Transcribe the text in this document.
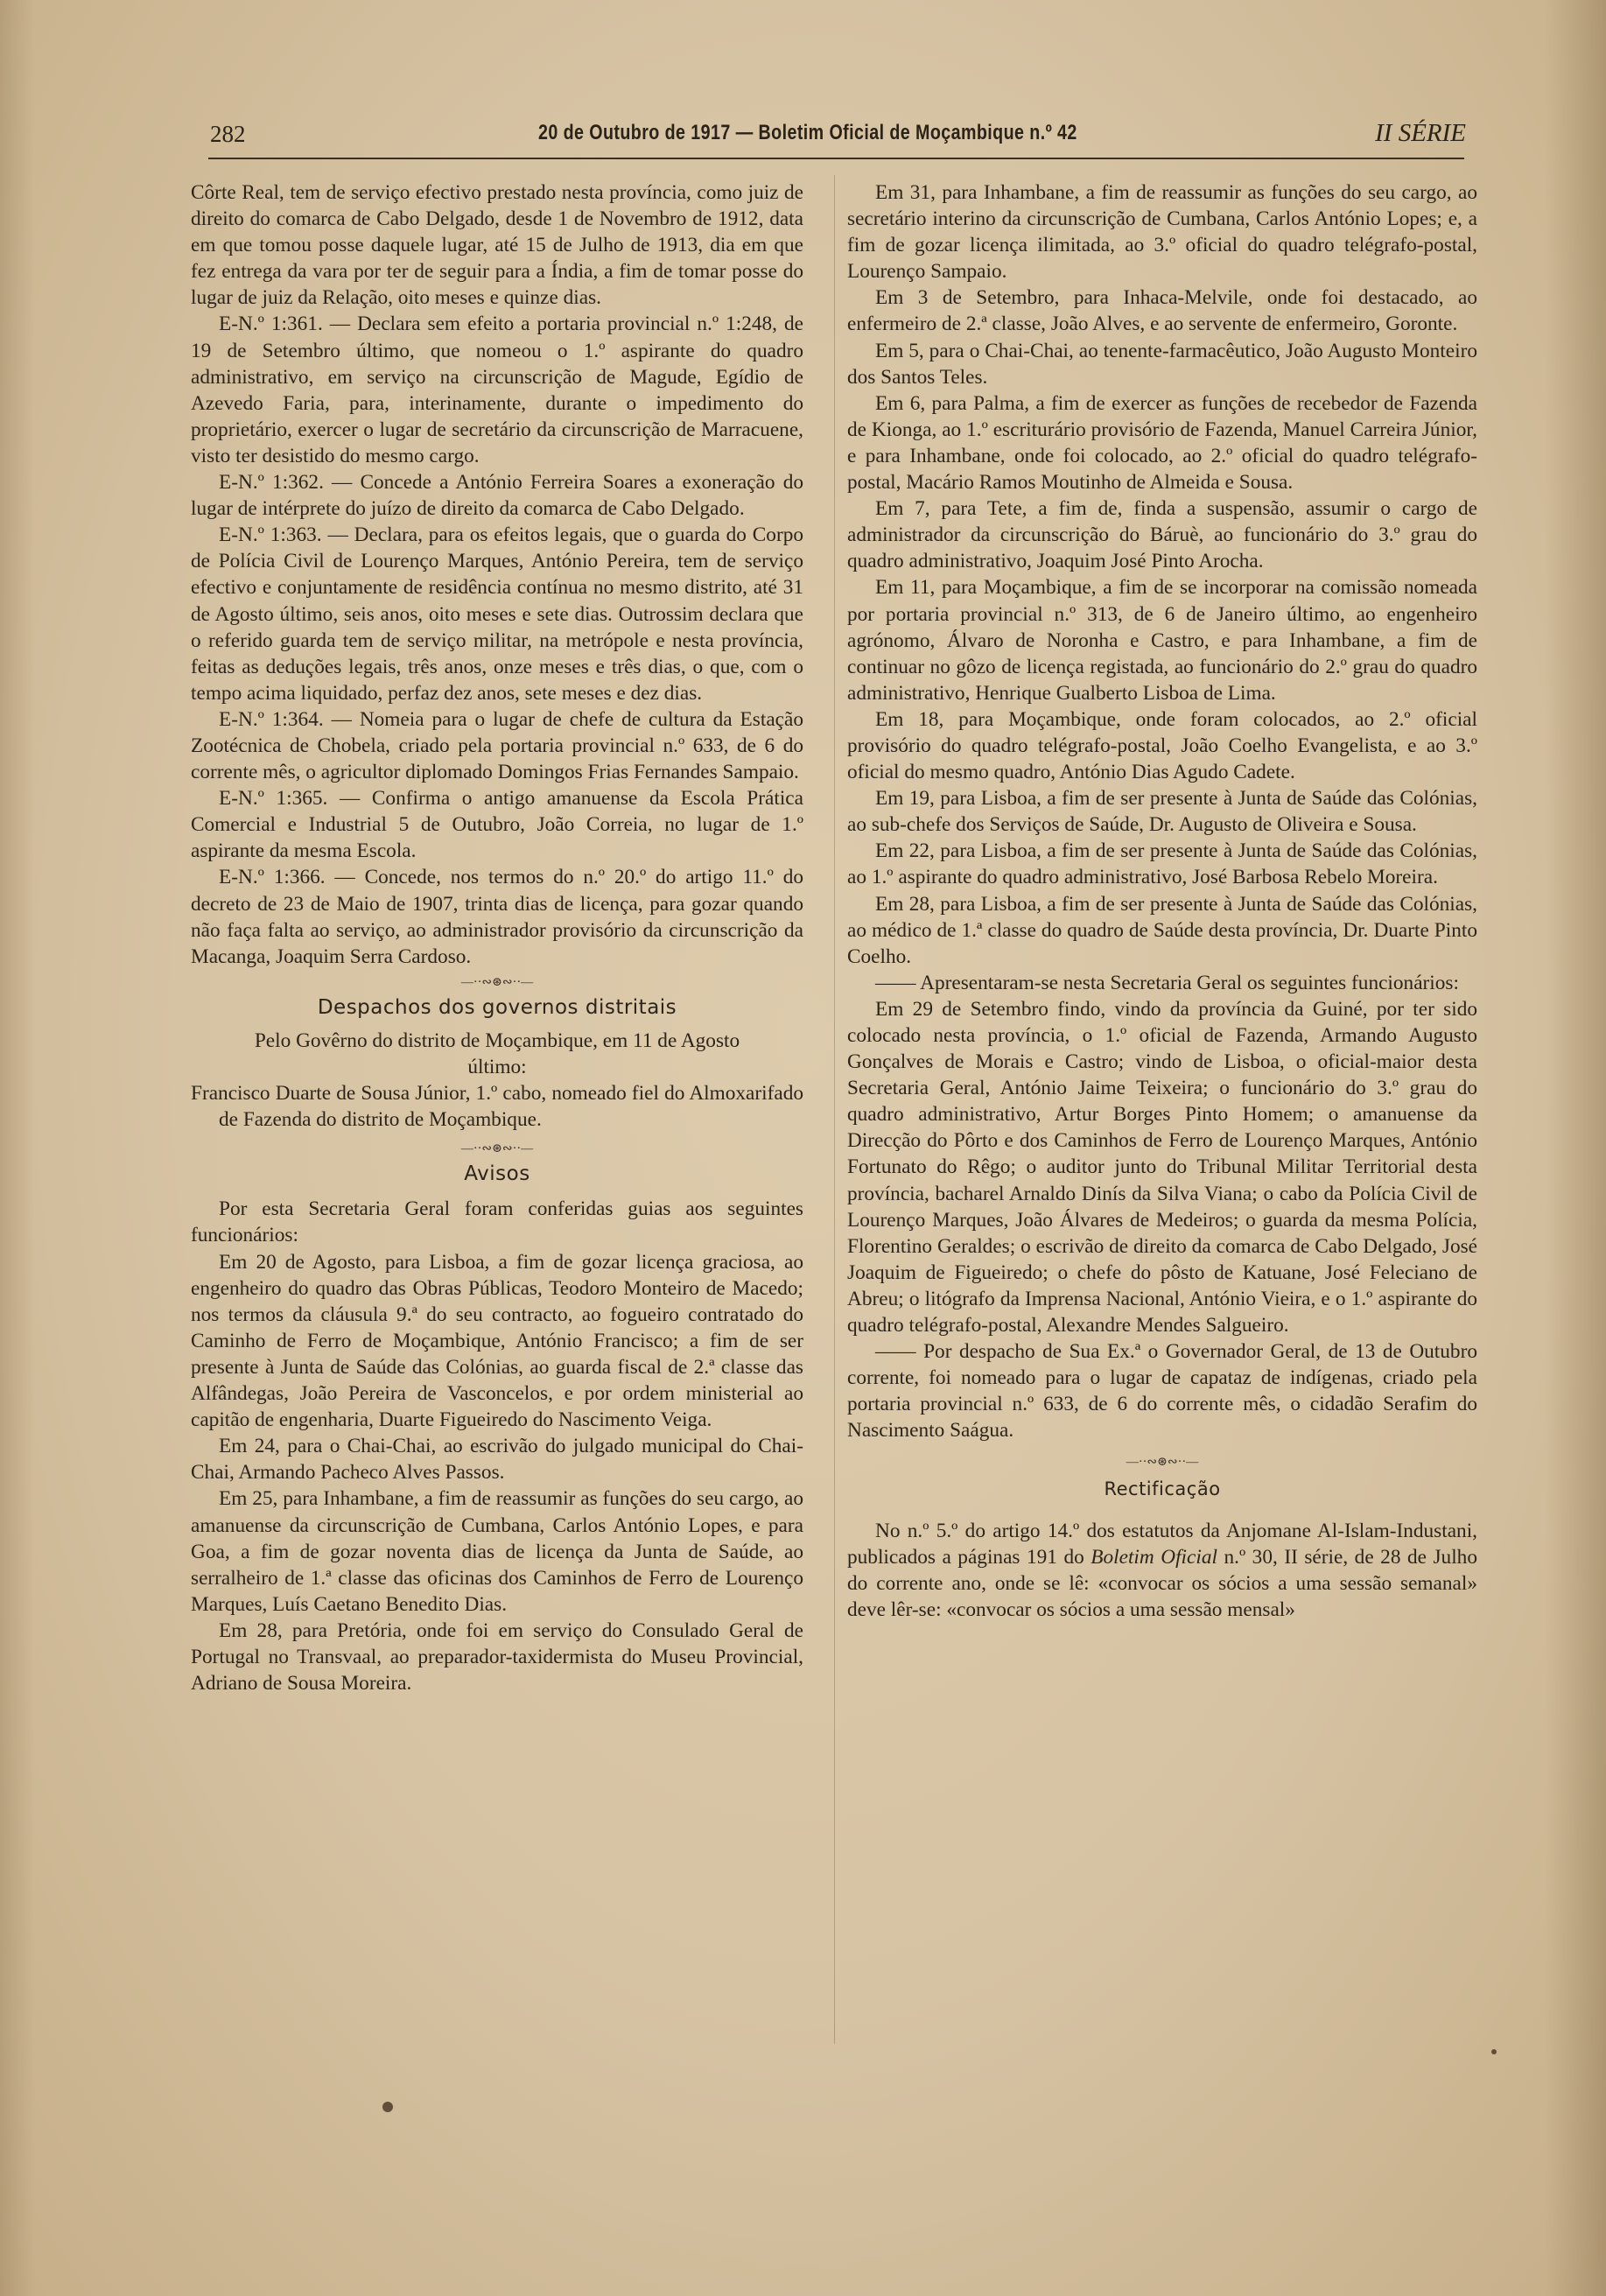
282	20 de Outubro de 1917 — Boletim Oficial de Moçambique n.º 42	II SÉRIE

Côrte Real, tem de serviço efectivo prestado nesta província, como juiz de direito do comarca de Cabo Delgado, desde 1 de Novembro de 1912, data em que tomou posse daquele lugar, até 15 de Julho de 1913, dia em que fez entrega da vara por ter de seguir para a Índia, a fim de tomar posse do lugar de juiz da Relação, oito meses e quinze dias.

E-N.º 1:361. — Declara sem efeito a portaria provincial n.º 1:248, de 19 de Setembro último, que nomeou o 1.º aspirante do quadro administrativo, em serviço na circunscrição de Magude, Egídio de Azevedo Faria, para, interinamente, durante o impedimento do proprietário, exercer o lugar de secretário da circunscrição de Marracuene, visto ter desistido do mesmo cargo.

E-N.º 1:362. — Concede a António Ferreira Soares a exoneração do lugar de intérprete do juízo de direito da comarca de Cabo Delgado.

E-N.º 1:363. — Declara, para os efeitos legais, que o guarda do Corpo de Polícia Civil de Lourenço Marques, António Pereira, tem de serviço efectivo e conjuntamente de residência contínua no mesmo distrito, até 31 de Agosto último, seis anos, oito meses e sete dias. Outrossim declara que o referido guarda tem de serviço militar, na metrópole e nesta província, feitas as deduções legais, três anos, onze meses e três dias, o que, com o tempo acima liquidado, perfaz dez anos, sete meses e dez dias.

E-N.º 1:364. — Nomeia para o lugar de chefe de cultura da Estação Zootécnica de Chobela, criado pela portaria provincial n.º 633, de 6 do corrente mês, o agricultor diplomado Domingos Frias Fernandes Sampaio.

E-N.º 1:365. — Confirma o antigo amanuense da Escola Prática Comercial e Industrial 5 de Outubro, João Correia, no lugar de 1.º aspirante da mesma Escola.

E-N.º 1:366. — Concede, nos termos do n.º 20.º do artigo 11.º do decreto de 23 de Maio de 1907, trinta dias de licença, para gozar quando não faça falta ao serviço, ao administrador provisório da circunscrição da Macanga, Joaquim Serra Cardoso.

—⋅⋅∾⊛∾⋅⋅—

Despachos dos governos distritais

Pelo Govêrno do distrito de Moçambique, em 11 de Agosto último:

Francisco Duarte de Sousa Júnior, 1.º cabo, nomeado fiel do Almoxarifado de Fazenda do distrito de Moçambique.

—⋅⋅∾⊛∾⋅⋅—

Avisos

Por esta Secretaria Geral foram conferidas guias aos seguintes funcionários:

Em 20 de Agosto, para Lisboa, a fim de gozar licença graciosa, ao engenheiro do quadro das Obras Públicas, Teodoro Monteiro de Macedo; nos termos da cláusula 9.ª do seu contracto, ao fogueiro contratado do Caminho de Ferro de Moçambique, António Francisco; a fim de ser presente à Junta de Saúde das Colónias, ao guarda fiscal de 2.ª classe das Alfândegas, João Pereira de Vasconcelos, e por ordem ministerial ao capitão de engenharia, Duarte Figueiredo do Nascimento Veiga.

Em 24, para o Chai-Chai, ao escrivão do julgado municipal do Chai-Chai, Armando Pacheco Alves Passos.

Em 25, para Inhambane, a fim de reassumir as funções do seu cargo, ao amanuense da circunscrição de Cumbana, Carlos António Lopes, e para Goa, a fim de gozar noventa dias de licença da Junta de Saúde, ao serralheiro de 1.ª classe das oficinas dos Caminhos de Ferro de Lourenço Marques, Luís Caetano Benedito Dias.

Em 28, para Pretória, onde foi em serviço do Consulado Geral de Portugal no Transvaal, ao preparador-taxidermista do Museu Provincial, Adriano de Sousa Moreira.

Em 31, para Inhambane, a fim de reassumir as funções do seu cargo, ao secretário interino da circunscrição de Cumbana, Carlos António Lopes; e, a fim de gozar licença ilimitada, ao 3.º oficial do quadro telégrafo-postal, Lourenço Sampaio.

Em 3 de Setembro, para Inhaca-Melvile, onde foi destacado, ao enfermeiro de 2.ª classe, João Alves, e ao servente de enfermeiro, Goronte.

Em 5, para o Chai-Chai, ao tenente-farmacêutico, João Augusto Monteiro dos Santos Teles.

Em 6, para Palma, a fim de exercer as funções de recebedor de Fazenda de Kionga, ao 1.º escriturário provisório de Fazenda, Manuel Carreira Júnior, e para Inhambane, onde foi colocado, ao 2.º oficial do quadro telégrafo-postal, Macário Ramos Moutinho de Almeida e Sousa.

Em 7, para Tete, a fim de, finda a suspensão, assumir o cargo de administrador da circunscrição do Báruè, ao funcionário do 3.º grau do quadro administrativo, Joaquim José Pinto Arocha.

Em 11, para Moçambique, a fim de se incorporar na comissão nomeada por portaria provincial n.º 313, de 6 de Janeiro último, ao engenheiro agrónomo, Álvaro de Noronha e Castro, e para Inhambane, a fim de continuar no gôzo de licença registada, ao funcionário do 2.º grau do quadro administrativo, Henrique Gualberto Lisboa de Lima.

Em 18, para Moçambique, onde foram colocados, ao 2.º oficial provisório do quadro telégrafo-postal, João Coelho Evangelista, e ao 3.º oficial do mesmo quadro, António Dias Agudo Cadete.

Em 19, para Lisboa, a fim de ser presente à Junta de Saúde das Colónias, ao sub-chefe dos Serviços de Saúde, Dr. Augusto de Oliveira e Sousa.

Em 22, para Lisboa, a fim de ser presente à Junta de Saúde das Colónias, ao 1.º aspirante do quadro administrativo, José Barbosa Rebelo Moreira.

Em 28, para Lisboa, a fim de ser presente à Junta de Saúde das Colónias, ao médico de 1.ª classe do quadro de Saúde desta província, Dr. Duarte Pinto Coelho.

—— Apresentaram-se nesta Secretaria Geral os seguintes funcionários:

Em 29 de Setembro findo, vindo da província da Guiné, por ter sido colocado nesta província, o 1.º oficial de Fazenda, Armando Augusto Gonçalves de Morais e Castro; vindo de Lisboa, o oficial-maior desta Secretaria Geral, António Jaime Teixeira; o funcionário do 3.º grau do quadro administrativo, Artur Borges Pinto Homem; o amanuense da Direcção do Pôrto e dos Caminhos de Ferro de Lourenço Marques, António Fortunato do Rêgo; o auditor junto do Tribunal Militar Territorial desta província, bacharel Arnaldo Dinís da Silva Viana; o cabo da Polícia Civil de Lourenço Marques, João Álvares de Medeiros; o guarda da mesma Polícia, Florentino Geraldes; o escrivão de direito da comarca de Cabo Delgado, José Joaquim de Figueiredo; o chefe do pôsto de Katuane, José Feleciano de Abreu; o litógrafo da Imprensa Nacional, António Vieira, e o 1.º aspirante do quadro telégrafo-postal, Alexandre Mendes Salgueiro.

—— Por despacho de Sua Ex.ª o Governador Geral, de 13 de Outubro corrente, foi nomeado para o lugar de capataz de indígenas, criado pela portaria provincial n.º 633, de 6 do corrente mês, o cidadão Serafim do Nascimento Saágua.

—⋅⋅∾⊛∾⋅⋅—

Rectificação

No n.º 5.º do artigo 14.º dos estatutos da Anjomane Al-Islam-Industani, publicados a páginas 191 do Boletim Oficial n.º 30, II série, de 28 de Julho do corrente ano, onde se lê: «convocar os sócios a uma sessão semanal» deve lêr-se: «convocar os sócios a uma sessão mensal»
